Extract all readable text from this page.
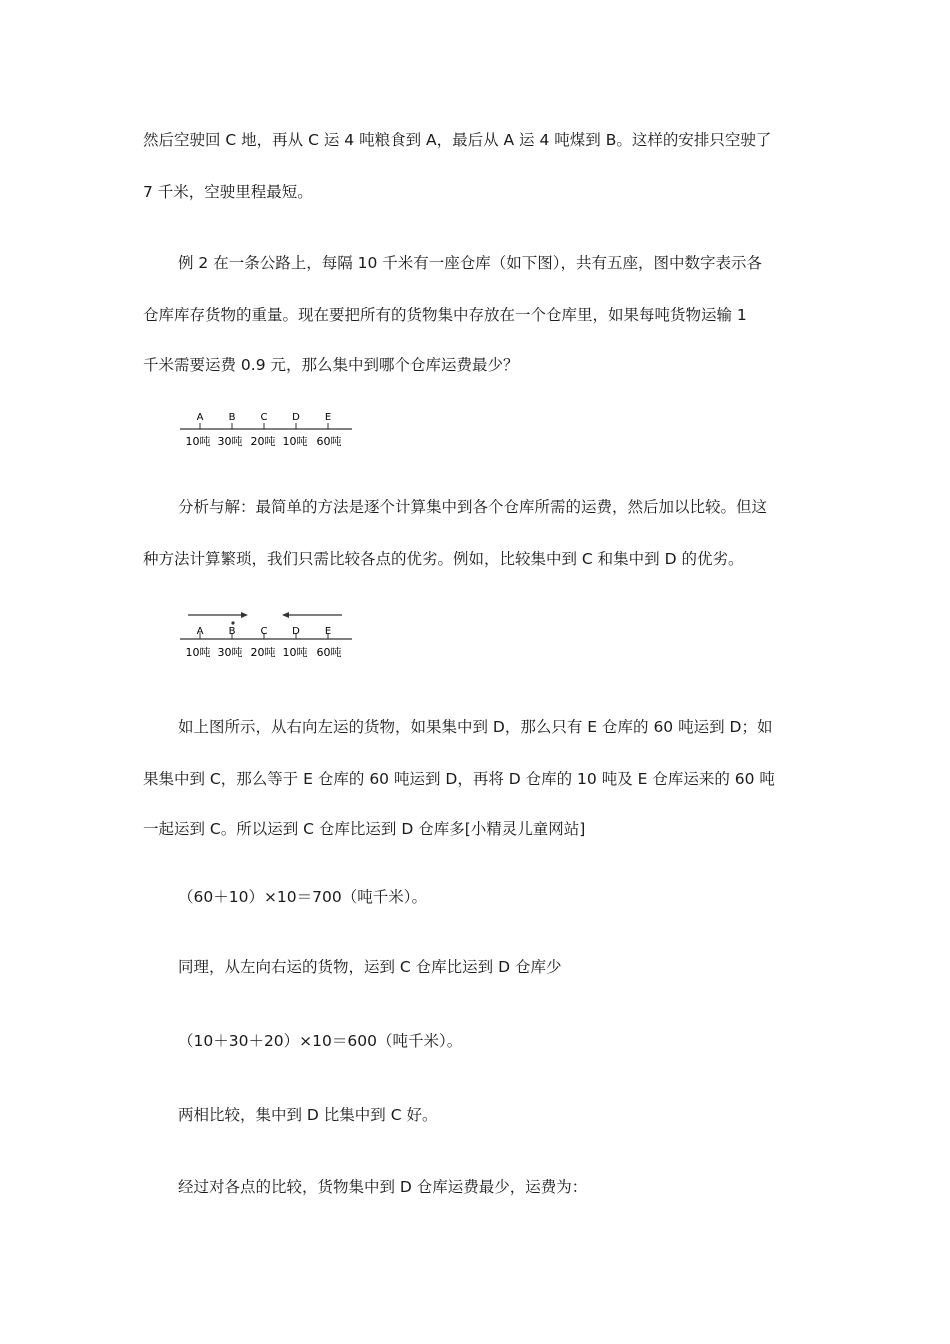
然后空驶回 C 地，再从 C 运 4 吨粮食到 A，最后从 A 运 4 吨煤到 B。这样的安排只空驶了
7 千米，空驶里程最短。
例 2 在一条公路上，每隔 10 千米有一座仓库（如下图），共有五座，图中数字表示各
仓库库存货物的重量。现在要把所有的货物集中存放在一个仓库里，如果每吨货物运输 1
千米需要运费 0.9 元，那么集中到哪个仓库运费最少？
A	B	C D E
10吨 30吨 20吨 10吨 60吨
分析与解：最简单的方法是逐个计算集中到各个仓库所需的运费，然后加以比较。但这
种方法计算繁琐，我们只需比较各点的优劣。例如，比较集中到 C 和集中到 D 的优劣。
A	B	C D E
10吨 30吨 20吨 10吨 60吨
如上图所示，从右向左运的货物，如果集中到 D，那么只有 E 仓库的 60 吨运到 D；如
果集中到 C，那么等于 E 仓库的 60 吨运到 D，再将 D 仓库的 10 吨及 E 仓库运来的 60 吨
一起运到 C。所以运到 C 仓库比运到 D 仓库多[小精灵儿童网站]
（60＋10）×10＝700（吨千米）。
同理，从左向右运的货物，运到 C 仓库比运到 D 仓库少
（10＋30＋20）×10＝600（吨千米）。
两相比较，集中到 D 比集中到 C 好。
经过对各点的比较，货物集中到 D 仓库运费最少，运费为：
